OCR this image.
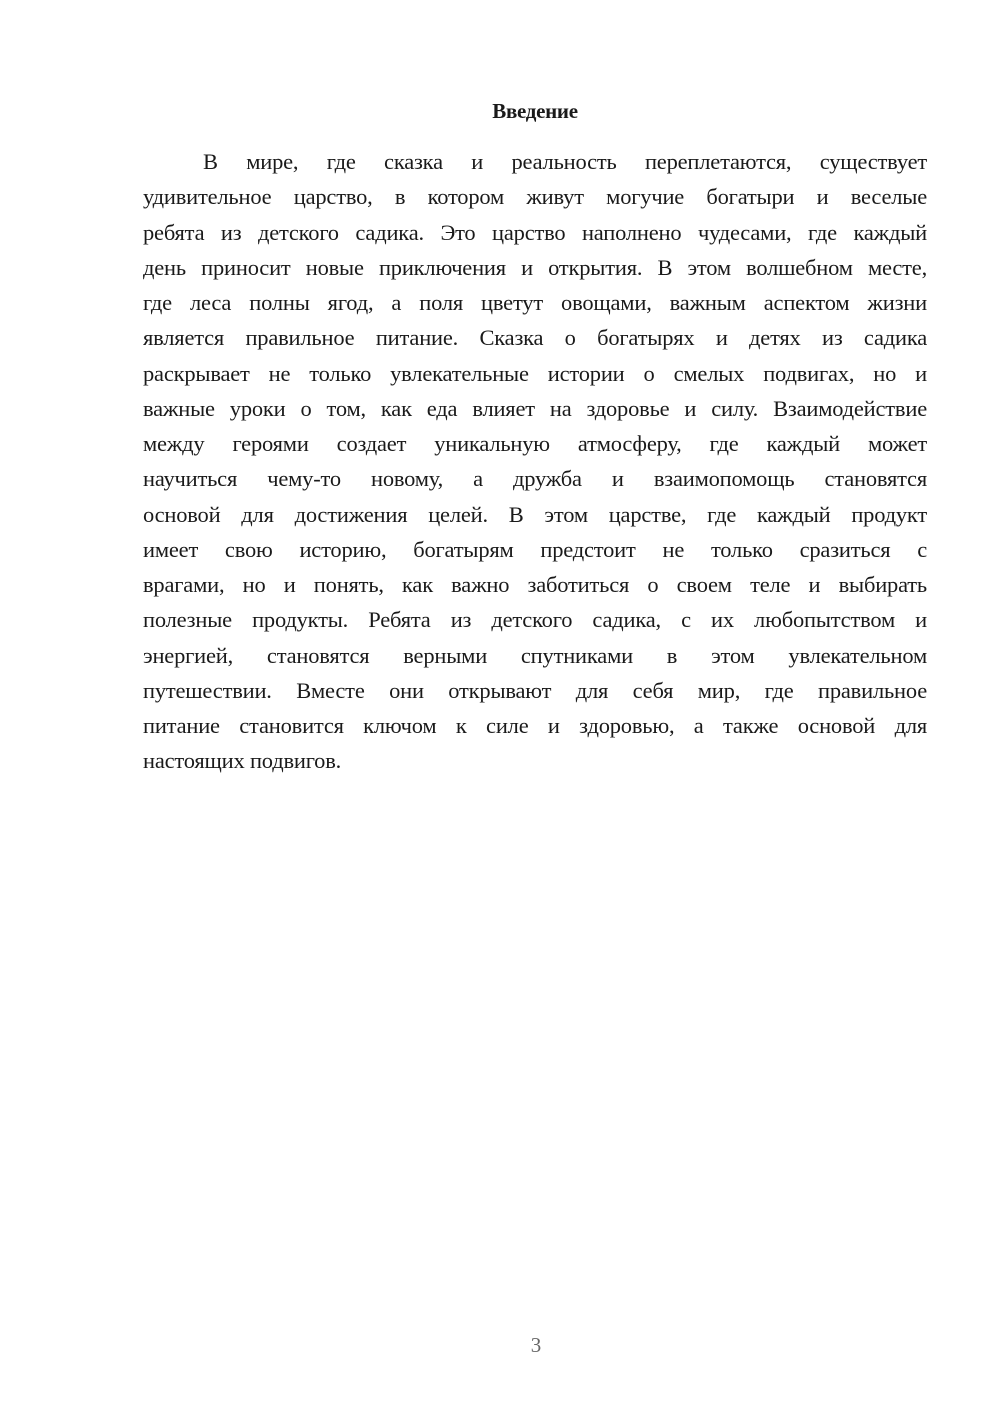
Введение
В мире, где сказка и реальность переплетаются, существует
удивительное царство, в котором живут могучие богатыри и веселые
ребята из детского садика. Это царство наполнено чудесами, где каждый
день приносит новые приключения и открытия. В этом волшебном месте,
где леса полны ягод, а поля цветут овощами, важным аспектом жизни
является правильное питание. Сказка о богатырях и детях из садика
раскрывает не только увлекательные истории о смелых подвигах, но и
важные уроки о том, как еда влияет на здоровье и силу. Взаимодействие
между героями создает уникальную атмосферу, где каждый может
научиться чему-то новому, а дружба и взаимопомощь становятся
основой для достижения целей. В этом царстве, где каждый продукт
имеет свою историю, богатырям предстоит не только сразиться с
врагами, но и понять, как важно заботиться о своем теле и выбирать
полезные продукты. Ребята из детского садика, с их любопытством и
энергией, становятся верными спутниками в этом увлекательном
путешествии. Вместе они открывают для себя мир, где правильное
питание становится ключом к силе и здоровью, а также основой для
настоящих подвигов.
3
